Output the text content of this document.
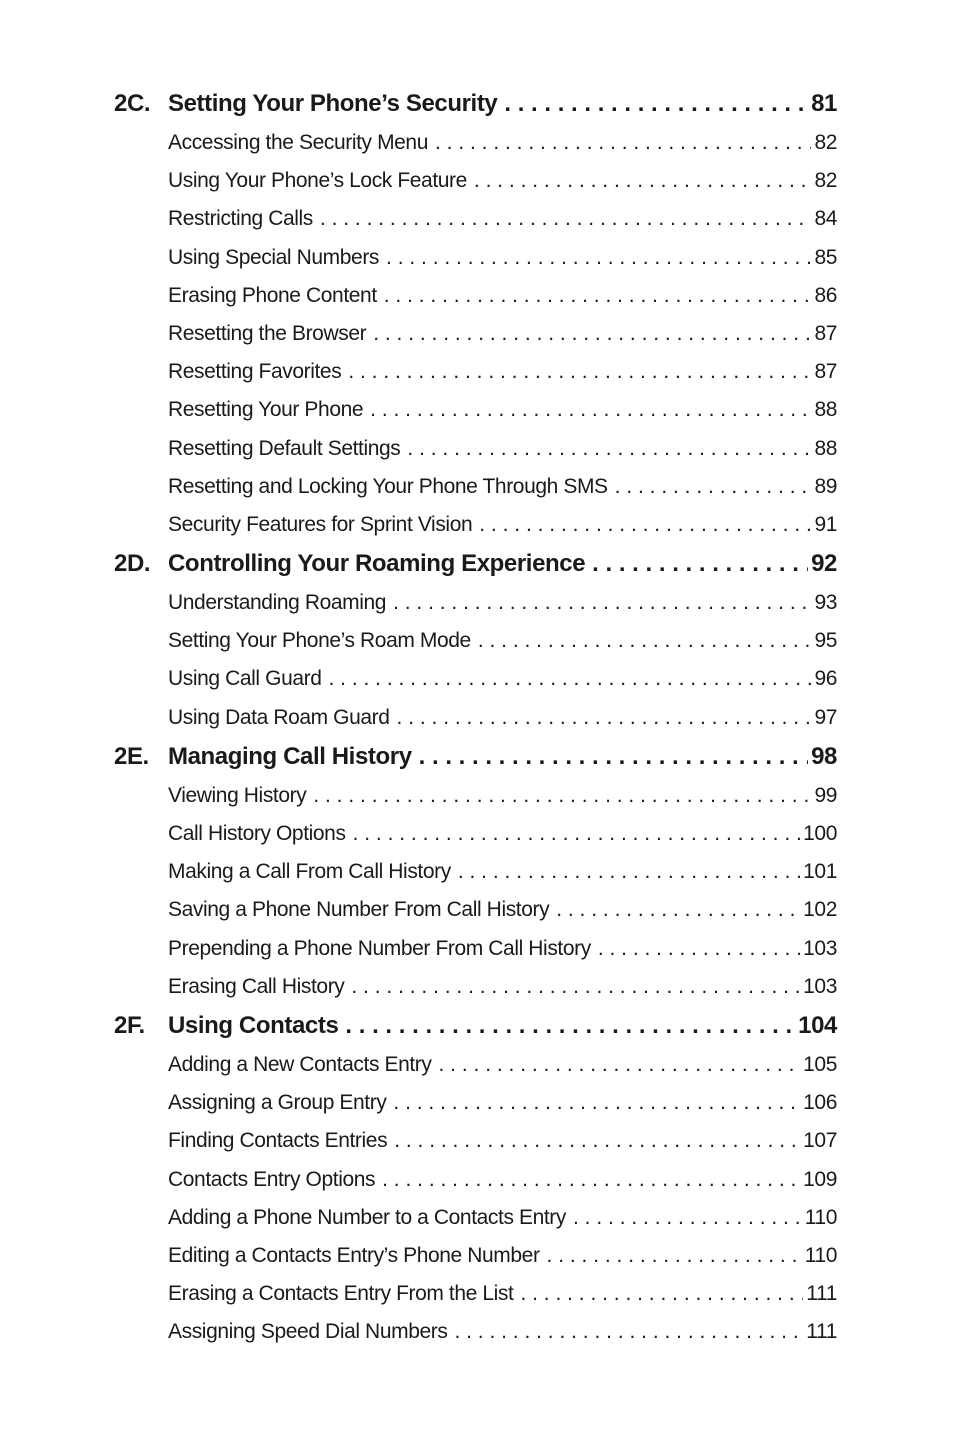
2C. Setting Your Phone’s Security . . .	81
Accessing the Security Menu . . .	82
Using Your Phone’s Lock Feature . . .	82
Restricting Calls . . .	84
Using Special Numbers . . .	85
Erasing Phone Content . . .	86
Resetting the Browser . . .	87
Resetting Favorites . . .	87
Resetting Your Phone . . .	88
Resetting Default Settings . . .	88
Resetting and Locking Your Phone Through SMS . . .	89
Security Features for Sprint Vision . . .	91
2D. Controlling Your Roaming Experience . . .	92
Understanding Roaming . . .	93
Setting Your Phone’s Roam Mode . . .	95
Using Call Guard . . .	96
Using Data Roam Guard . . .	97
2E. Managing Call History . . .	98
Viewing History . . .	99
Call History Options . . .	100
Making a Call From Call History . . .	101
Saving a Phone Number From Call History . . .	102
Prepending a Phone Number From Call History . . .	103
Erasing Call History . . .	103
2F. Using Contacts . . .	104
Adding a New Contacts Entry . . .	105
Assigning a Group Entry . . .	106
Finding Contacts Entries . . .	107
Contacts Entry Options . . .	109
Adding a Phone Number to a Contacts Entry . . .	110
Editing a Contacts Entry’s Phone Number . . .	110
Erasing a Contacts Entry From the List . . .	111
Assigning Speed Dial Numbers . . .	111
